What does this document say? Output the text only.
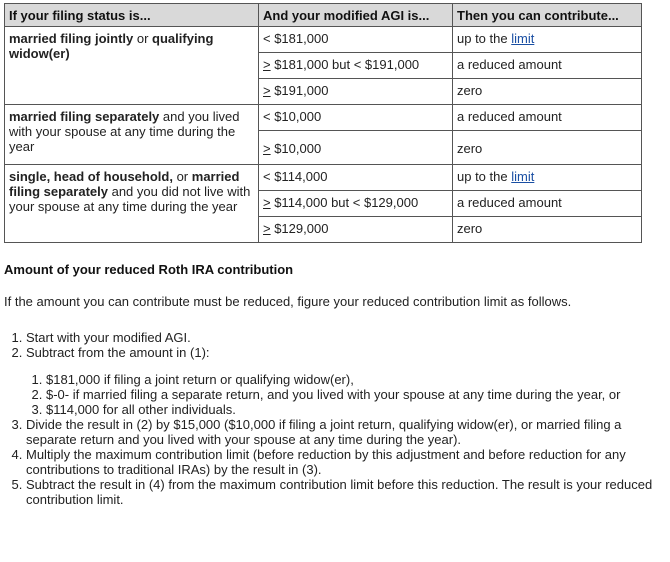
If your filing status is...	And your modified AGI is...	Then you can contribute...
married filing jointly or qualifying widow(er)	< $181,000	up to the limit
	> $181,000 but < $191,000	a reduced amount
	> $191,000	zero
married filing separately and you lived with your spouse at any time during the year	< $10,000	a reduced amount
	> $10,000	zero
single, head of household, or married filing separately and you did not live with your spouse at any time during the year	< $114,000	up to the limit
	> $114,000 but < $129,000	a reduced amount
	> $129,000	zero
Amount of your reduced Roth IRA contribution

If the amount you can contribute must be reduced, figure your reduced contribution limit as follows.

1. Start with your modified AGI.
2. Subtract from the amount in (1):
1. $181,000 if filing a joint return or qualifying widow(er),
2. $-0- if married filing a separate return, and you lived with your spouse at any time during the year, or
3. $114,000 for all other individuals.
3. Divide the result in (2) by $15,000 ($10,000 if filing a joint return, qualifying widow(er), or married filing a separate return and you lived with your spouse at any time during the year).
4. Multiply the maximum contribution limit (before reduction by this adjustment and before reduction for any contributions to traditional IRAs) by the result in (3).
5. Subtract the result in (4) from the maximum contribution limit before this reduction. The result is your reduced contribution limit.
